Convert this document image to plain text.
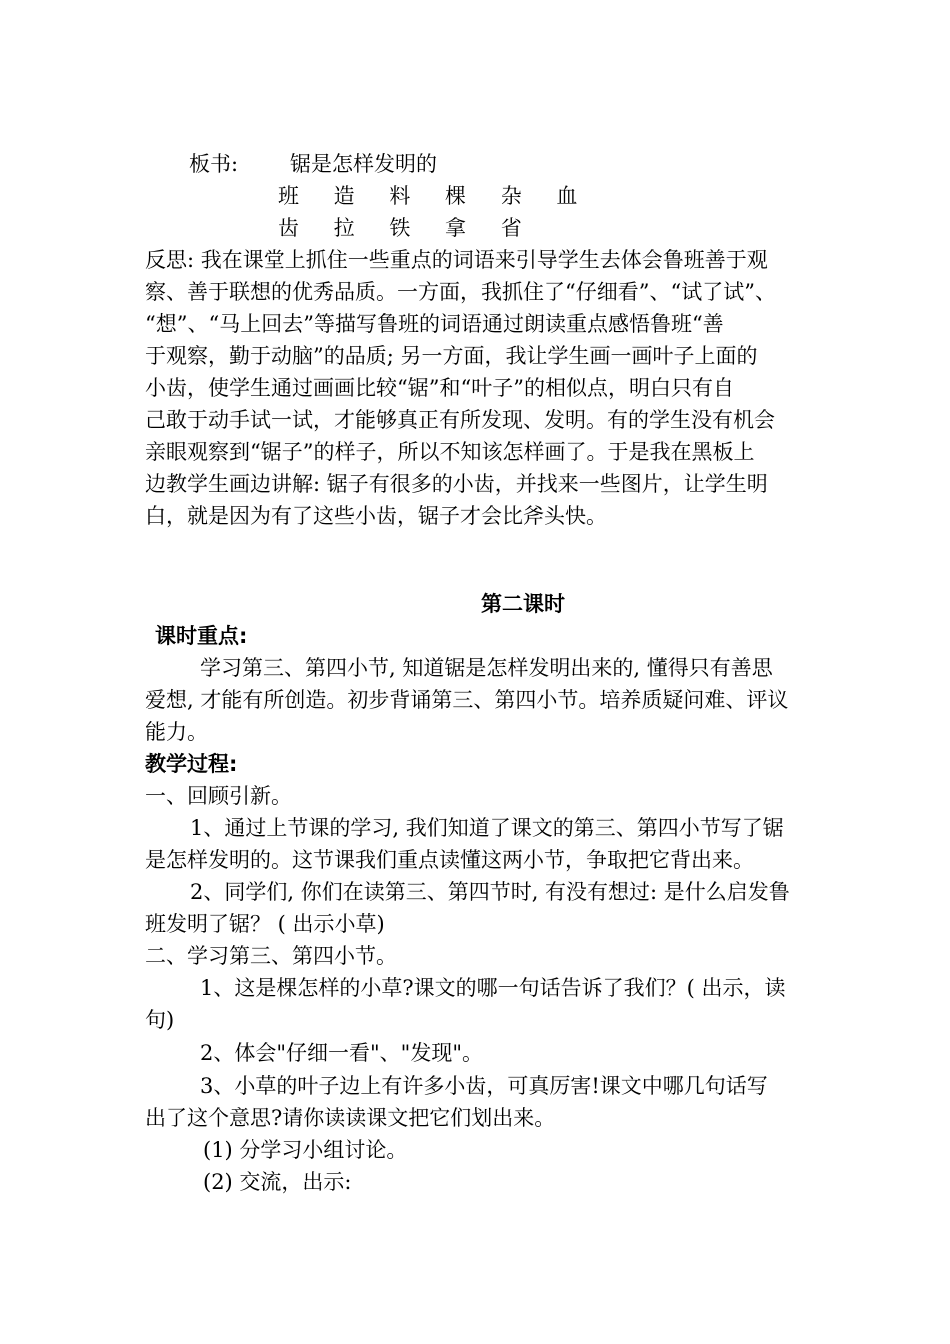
板书: 锯是怎样发明的
班 造 料 棵 杂 血
齿 拉 铁 拿 省
反思: 我在课堂上抓住一些重点的词语来引导学生去体会鲁班善于观
察、善于联想的优秀品质。一方面，我抓住了“仔细看”、“试了试”、
“想”、“马上回去”等描写鲁班的词语通过朗读重点感悟鲁班“善
于观察，勤于动脑”的品质; 另一方面，我让学生画一画叶子上面的
小齿，使学生通过画画比较“锯”和“叶子”的相似点，明白只有自
己敢于动手试一试，才能够真正有所发现、发明。有的学生没有机会
亲眼观察到“锯子”的样子，所以不知该怎样画了。于是我在黑板上
边教学生画边讲解: 锯子有很多的小齿，并找来一些图片，让学生明
白，就是因为有了这些小齿，锯子才会比斧头快。
第二课时
课时重点:
学习第三、第四小节, 知道锯是怎样发明出来的, 懂得只有善思
爱想, 才能有所创造。初步背诵第三、第四小节。培养质疑问难、评议
能力。
教学过程:
一、回顾引新。
1、通过上节课的学习, 我们知道了课文的第三、第四小节写了锯
是怎样发明的。这节课我们重点读懂这两小节，争取把它背出来。
2、同学们, 你们在读第三、第四节时, 有没有想过: 是什么启发鲁
班发明了锯？ ( 出示小草)
二、学习第三、第四小节。
1、这是棵怎样的小草?课文的哪一句话告诉了我们？( 出示，读
句)
2、体会"仔细一看"、"发现"。
3、小草的叶子边上有许多小齿，可真厉害!课文中哪几句话写
出了这个意思?请你读读课文把它们划出来。
(1) 分学习小组讨论。
(2) 交流，出示:
